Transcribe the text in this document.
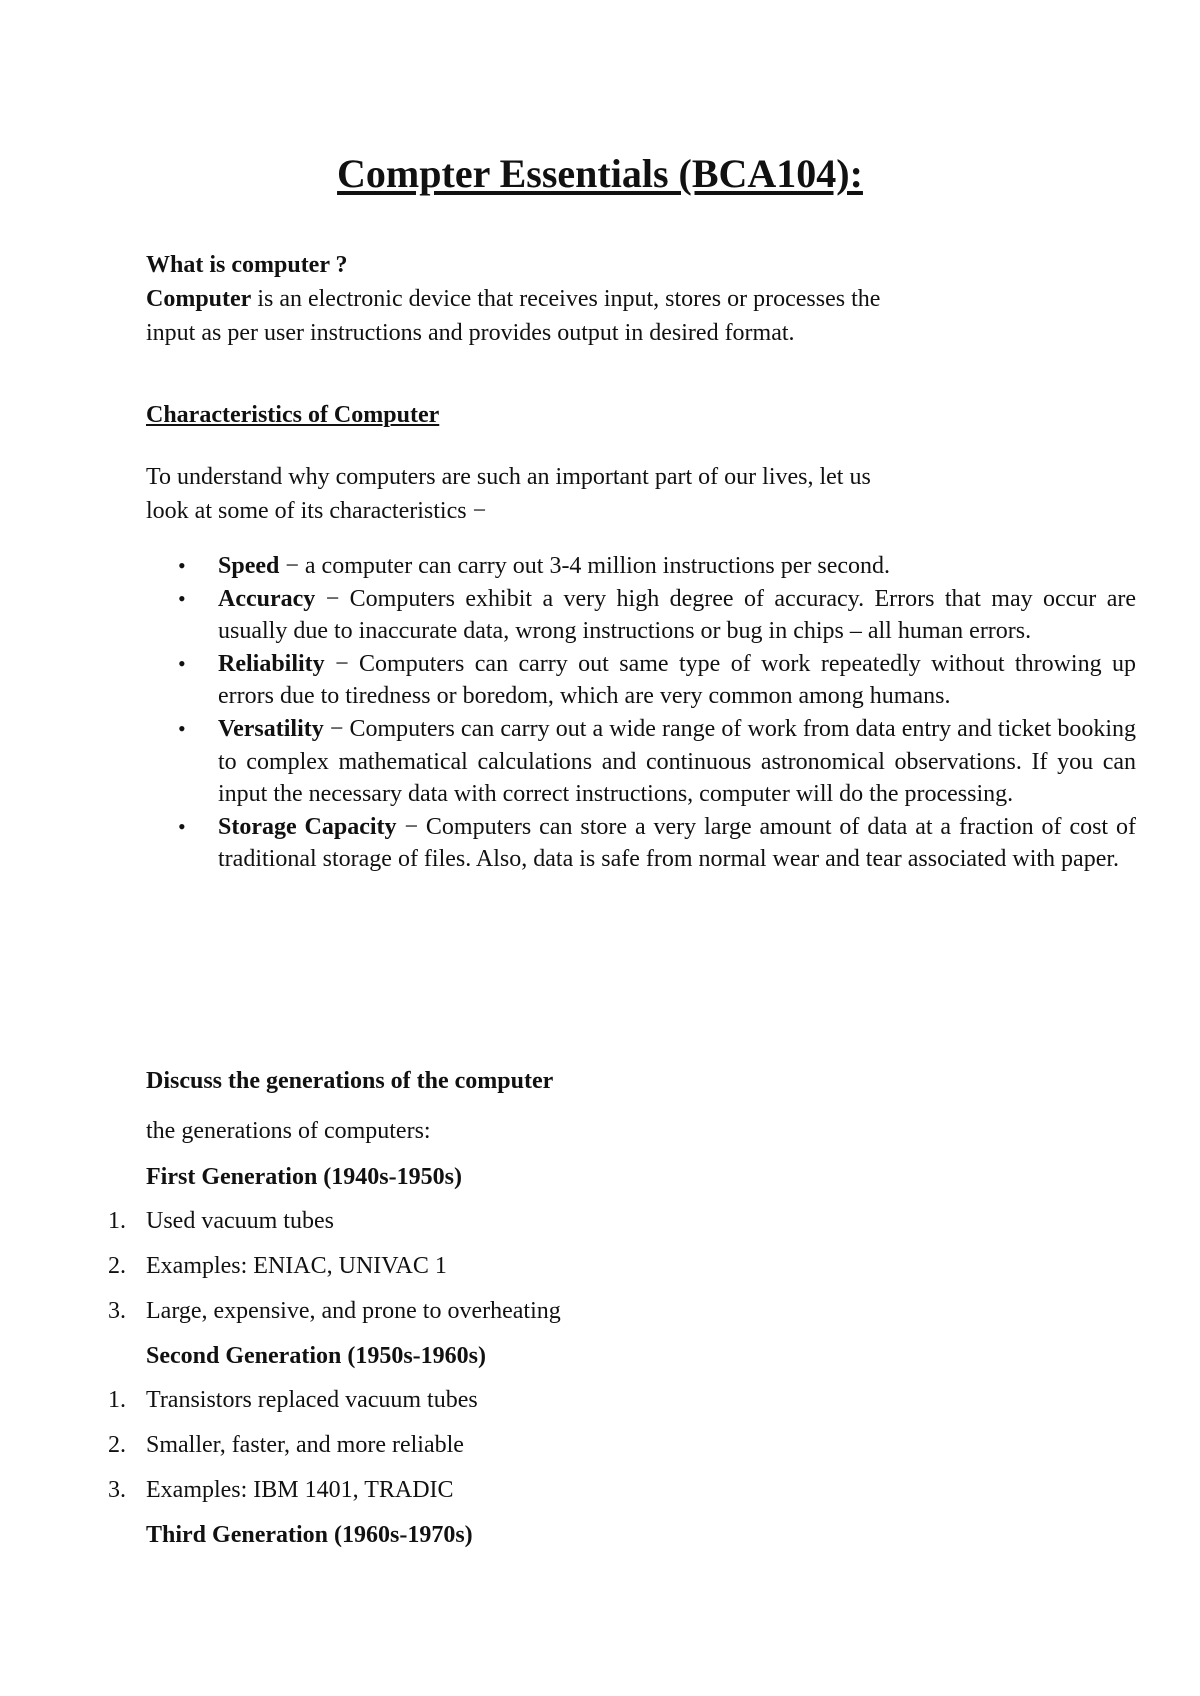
Compter Essentials (BCA104):

What is computer ?

Computer is an electronic device that receives input, stores or processes the

input as per user instructions and provides output in desired format.

Characteristics of Computer

To understand why computers are such an important part of our lives, let us

look at some of its characteristics −

• Speed − a computer can carry out 3-4 million instructions per second.
• Accuracy − Computers exhibit a very high degree of accuracy. Errors that may occur are usually due to inaccurate data, wrong instructions or bug in chips – all human errors.
• Reliability − Computers can carry out same type of work repeatedly without throwing up errors due to tiredness or boredom, which are very common among humans.
• Versatility − Computers can carry out a wide range of work from data entry and ticket booking to complex mathematical calculations and continuous astronomical observations. If you can input the necessary data with correct instructions, computer will do the processing.
• Storage Capacity − Computers can store a very large amount of data at a fraction of cost of traditional storage of files. Also, data is safe from normal wear and tear associated with paper.

Discuss the generations of the computer

the generations of computers:

First Generation (1940s-1950s)

1. Used vacuum tubes

2. Examples: ENIAC, UNIVAC 1

3. Large, expensive, and prone to overheating

Second Generation (1950s-1960s)

1. Transistors replaced vacuum tubes

2. Smaller, faster, and more reliable

3. Examples: IBM 1401, TRADIC

Third Generation (1960s-1970s)
